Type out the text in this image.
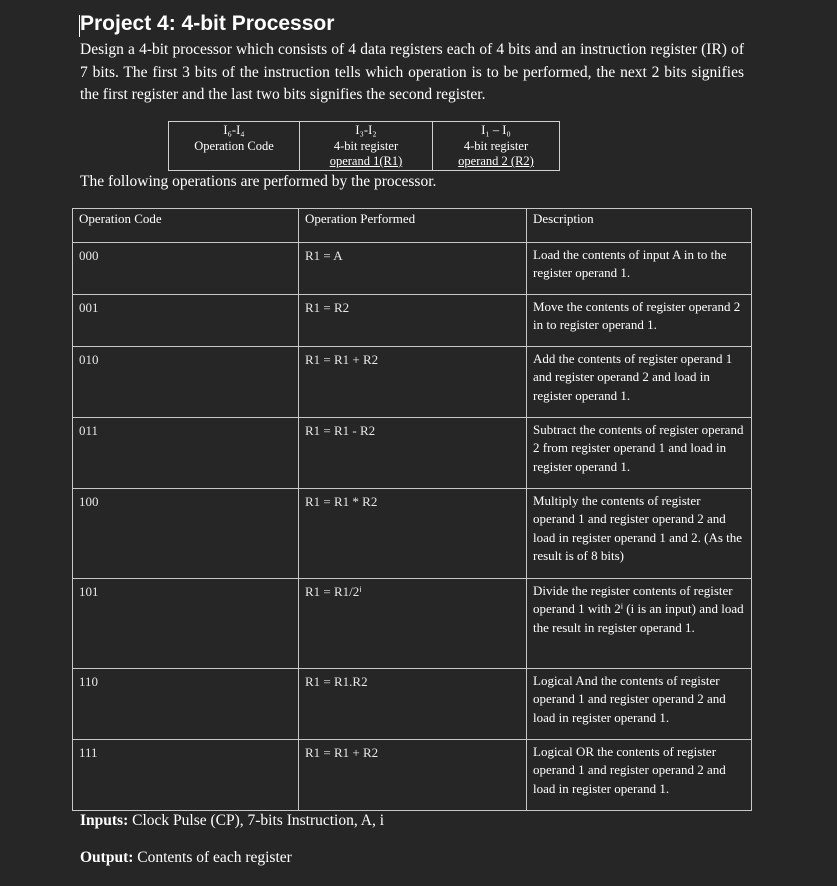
Project 4: 4-bit Processor
Design a 4-bit processor which consists of 4 data registers each of 4 bits and an instruction register (IR) of 7 bits. The first 3 bits of the instruction tells which operation is to be performed, the next 2 bits signifies the first register and the last two bits signifies the second register.
I₆-I₄
Operation Code

I₃-I₂
4-bit register
operand 1(R1)

I₁ – I₀
4-bit register
operand 2 (R2)
The following operations are performed by the processor.
Operation Code	Operation Performed	Description
000	R1 = A	Load the contents of input A in to the register operand 1.
001	R1 = R2	Move the contents of register operand 2 in to register operand 1.
010	R1 = R1 + R2	Add the contents of register operand 1 and register operand 2 and load in register operand 1.
011	R1 = R1 - R2	Subtract the contents of register operand 2 from register operand 1 and load in register operand 1.
100	R1 = R1 * R2	Multiply the contents of register operand 1 and register operand 2 and load in register operand 1 and 2. (As the result is of 8 bits)
101	R1 = R1/2ⁱ	Divide the register contents of register operand 1 with 2ⁱ (i is an input) and load the result in register operand 1.
110	R1 = R1.R2	Logical And the contents of register operand 1 and register operand 2 and load in register operand 1.
111	R1 = R1 + R2	Logical OR the contents of register operand 1 and register operand 2 and load in register operand 1.
Inputs: Clock Pulse (CP), 7-bits Instruction, A, i
Output: Contents of each register
